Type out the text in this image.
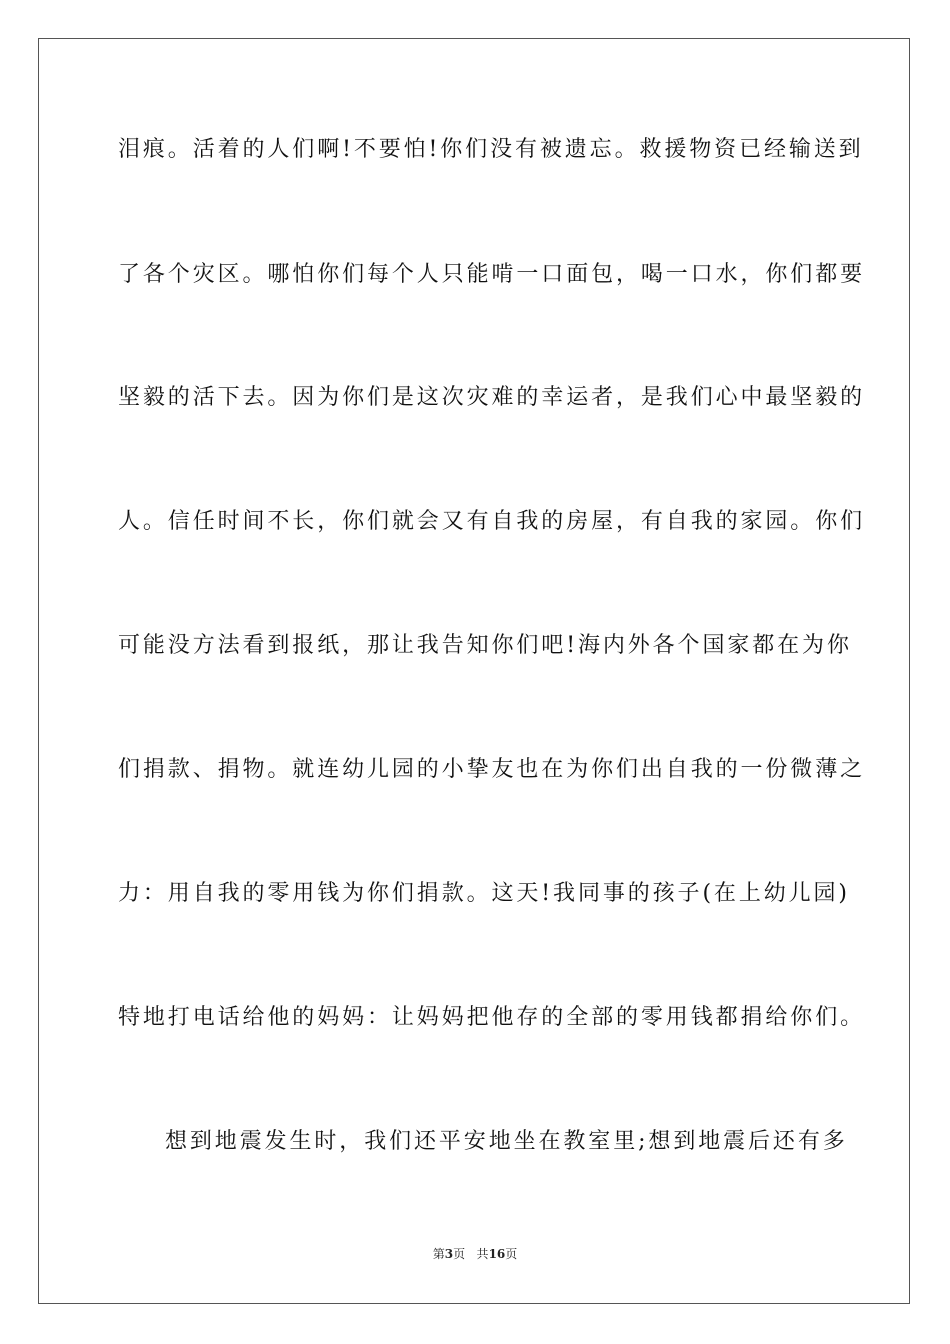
泪痕。活着的人们啊!不要怕!你们没有被遗忘。救援物资已经输送到
了各个灾区。哪怕你们每个人只能啃一口面包，喝一口水，你们都要
坚毅的活下去。因为你们是这次灾难的幸运者，是我们心中最坚毅的
人。信任时间不长，你们就会又有自我的房屋，有自我的家园。你们
可能没方法看到报纸，那让我告知你们吧!海内外各个国家都在为你
们捐款、捐物。就连幼儿园的小挚友也在为你们出自我的一份微薄之
力：用自我的零用钱为你们捐款。这天!我同事的孩子(在上幼儿园)
特地打电话给他的妈妈：让妈妈把他存的全部的零用钱都捐给你们。
想到地震发生时，我们还平安地坐在教室里;想到地震后还有多
第3页 共16页
